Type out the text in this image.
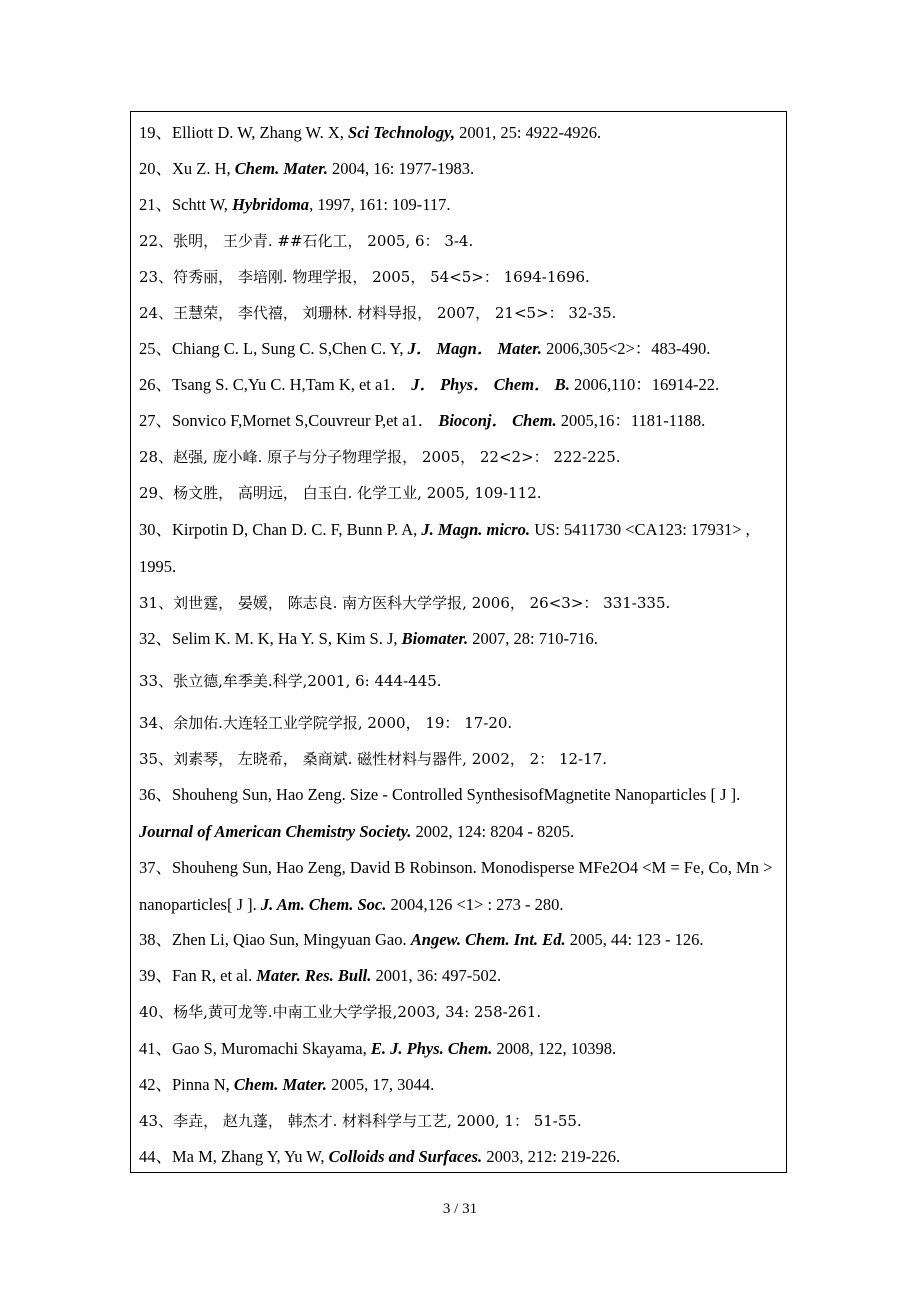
19、Elliott D. W, Zhang W. X, Sci Technology, 2001, 25: 4922-4926.
20、Xu Z. H, Chem. Mater. 2004, 16: 1977-1983.
21、Schtt W, Hybridoma, 1997, 161: 109-117.
22、张明， 王少青. ##石化工， 2005, 6： 3-4.
23、符秀丽， 李培刚. 物理学报， 2005， 54<5>： 1694-1696.
24、王慧荣， 李代禧， 刘珊林. 材料导报， 2007， 21<5>： 32-35.
25、Chiang C. L, Sung C. S,Chen C. Y, J． Magn． Mater. 2006,305<2>：483-490.
26、Tsang S. C,Yu C. H,Tam K, et a1． J． Phys． Chem． B. 2006,110：16914-22.
27、Sonvico F,Mornet S,Couvreur P,et a1． Bioconj． Chem. 2005,16：1181-1188.
28、赵强, 庞小峰. 原子与分子物理学报， 2005， 22<2>： 222-225.
29、杨文胜， 高明远， 白玉白. 化学工业, 2005, 109-112.
30、Kirpotin D, Chan D. C. F, Bunn P. A, J. Magn. micro. US: 5411730 <CA123: 17931> , 1995.
31、刘世霆， 晏媛， 陈志良. 南方医科大学学报, 2006， 26<3>： 331-335.
32、Selim K. M. K, Ha Y. S, Kim S. J, Biomater. 2007, 28: 710-716.
33、张立德,牟季美.科学,2001, 6: 444-445.
34、余加佑.大连轻工业学院学报, 2000， 19： 17-20.
35、刘素琴， 左晓希， 桑商斌. 磁性材料与器件, 2002， 2： 12-17.
36、Shouheng Sun, Hao Zeng. Size - Controlled SynthesisofMagnetite Nanoparticles [ J ]. Journal of American Chemistry Society. 2002, 124: 8204 - 8205.
37、Shouheng Sun, Hao Zeng, David B Robinson. Monodisperse MFe2O4 <M = Fe, Co, Mn > nanoparticles[ J ]. J. Am. Chem. Soc. 2004,126 <1> : 273 - 280.
38、Zhen Li, Qiao Sun, Mingyuan Gao. Angew. Chem. Int. Ed. 2005, 44: 123 - 126.
39、Fan R, et al. Mater. Res. Bull. 2001, 36: 497-502.
40、杨华,黄可龙等.中南工业大学学报,2003, 34: 258-261.
41、Gao S, Muromachi Skayama, E. J. Phys. Chem. 2008, 122, 10398.
42、Pinna N, Chem. Mater. 2005, 17, 3044.
43、李垚， 赵九蓬， 韩杰才. 材料科学与工艺, 2000, 1： 51-55.
44、Ma M, Zhang Y, Yu W, Colloids and Surfaces. 2003, 212: 219-226.
3 / 31
